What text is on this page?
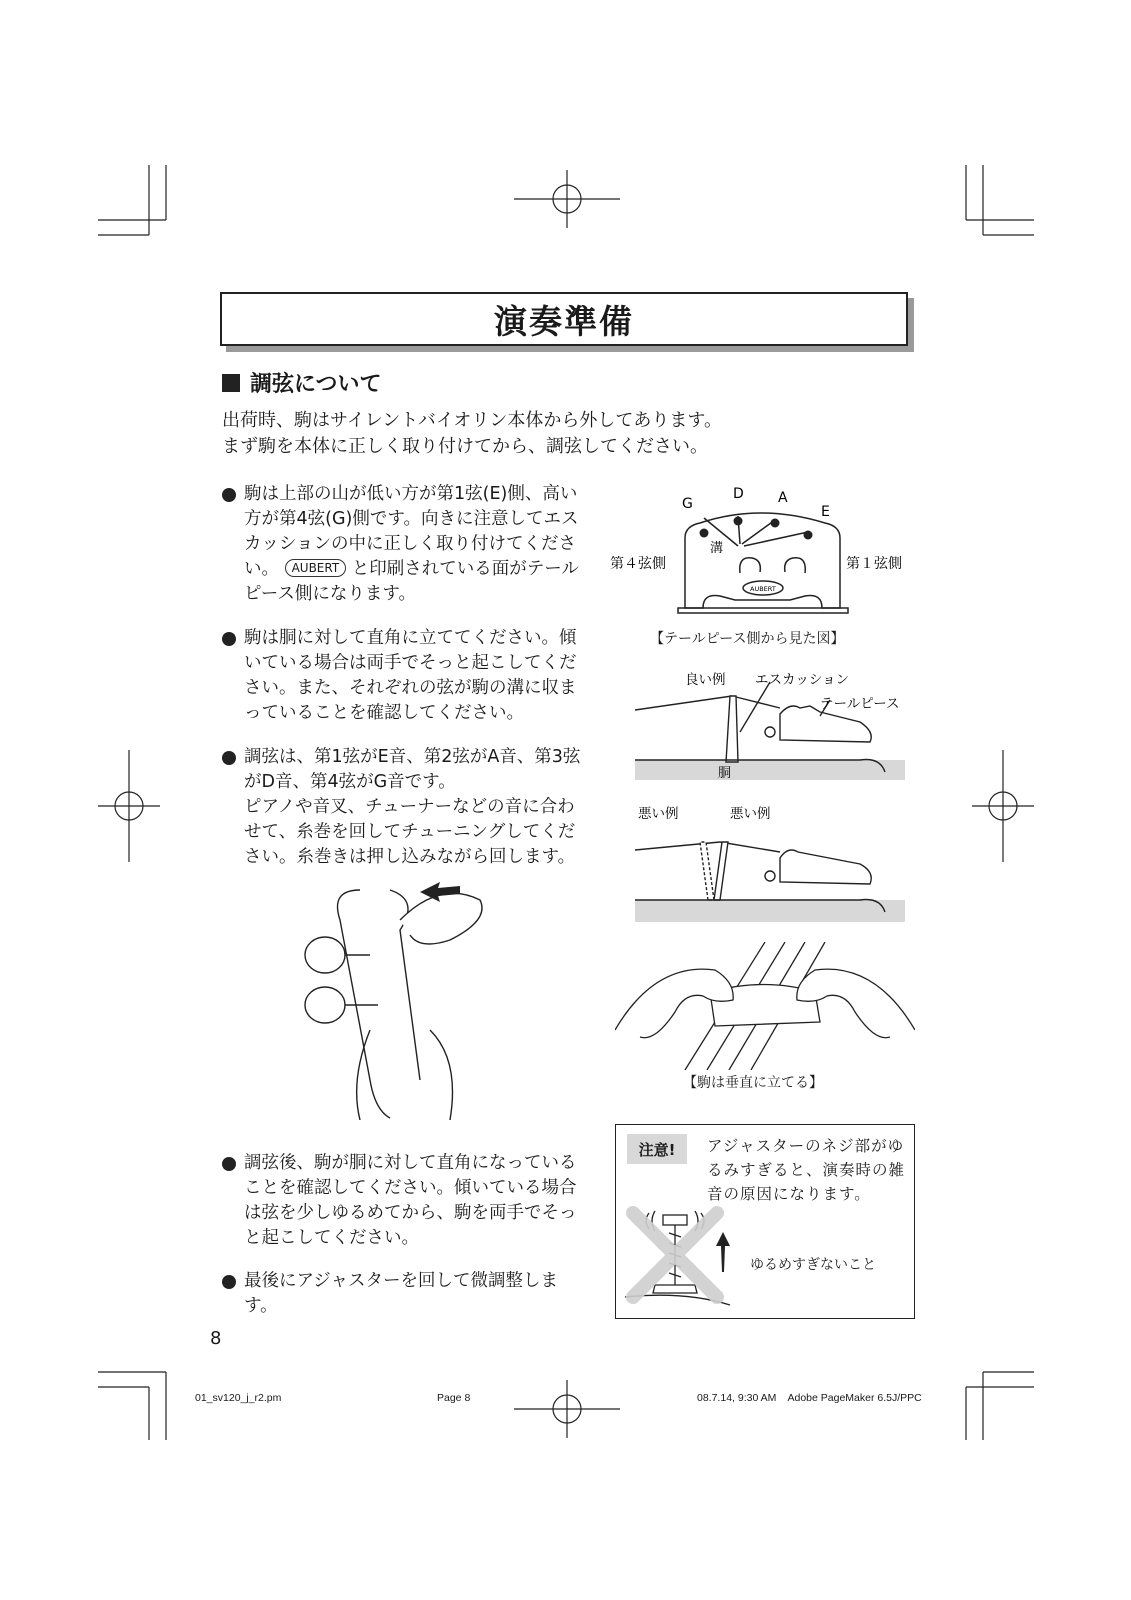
演奏準備
調弦について
出荷時、駒はサイレントバイオリン本体から外してあります。
まず駒を本体に正しく取り付けてから、調弦してください。
駒は上部の山が低い方が第1弦(E)側、高い方が第4弦(G)側です。向きに注意してエスカッションの中に正しく取り付けてください。 AUBERT と印刷されている面がテールピース側になります。
駒は胴に対して直角に立ててください。傾いている場合は両手でそっと起こしてください。また、それぞれの弦が駒の溝に収まっていることを確認してください。
調弦は、第1弦がE音、第2弦がA音、第3弦がD音、第4弦がG音です。
ピアノや音叉、チューナーなどの音に合わせて、糸巻を回してチューニングしてください。糸巻きは押し込みながら回します。
調弦後、駒が胴に対して直角になっていることを確認してください。傾いている場合は弦を少しゆるめてから、駒を両手でそっと起こしてください。
最後にアジャスターを回して微調整します。
G
D A
E
溝
第４弦側	第１弦側
AUBERT
【テールピース側から見た図】
良い例 エスカッション
テールピース
胴
悪い例	悪い例
【駒は垂直に立てる】
注意!	アジャスターのネジ部がゆるみすぎると、演奏時の雑音の原因になります。
ゆるめすぎないこと
8
01_sv120_j_r2.pm	Page 8	08.7.14, 9:30 AM    Adobe PageMaker 6.5J/PPC
